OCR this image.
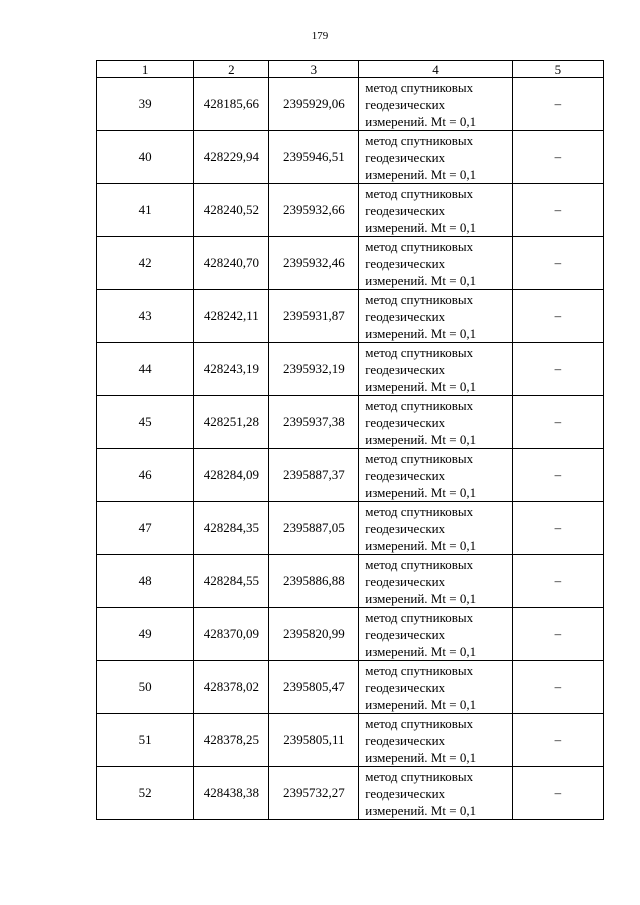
179
1	2	3	4	5
39	428185,66	2395929,06	метод спутниковых
геодезических
измерений. Mt = 0,1	–
40	428229,94	2395946,51	метод спутниковых
геодезических
измерений. Mt = 0,1	–
41	428240,52	2395932,66	метод спутниковых
геодезических
измерений. Mt = 0,1	–
42	428240,70	2395932,46	метод спутниковых
геодезических
измерений. Mt = 0,1	–
43	428242,11	2395931,87	метод спутниковых
геодезических
измерений. Mt = 0,1	–
44	428243,19	2395932,19	метод спутниковых
геодезических
измерений. Mt = 0,1	–
45	428251,28	2395937,38	метод спутниковых
геодезических
измерений. Mt = 0,1	–
46	428284,09	2395887,37	метод спутниковых
геодезических
измерений. Mt = 0,1	–
47	428284,35	2395887,05	метод спутниковых
геодезических
измерений. Mt = 0,1	–
48	428284,55	2395886,88	метод спутниковых
геодезических
измерений. Mt = 0,1	–
49	428370,09	2395820,99	метод спутниковых
геодезических
измерений. Mt = 0,1	–
50	428378,02	2395805,47	метод спутниковых
геодезических
измерений. Mt = 0,1	–
51	428378,25	2395805,11	метод спутниковых
геодезических
измерений. Mt = 0,1	–
52	428438,38	2395732,27	метод спутниковых
геодезических
измерений. Mt = 0,1	–
